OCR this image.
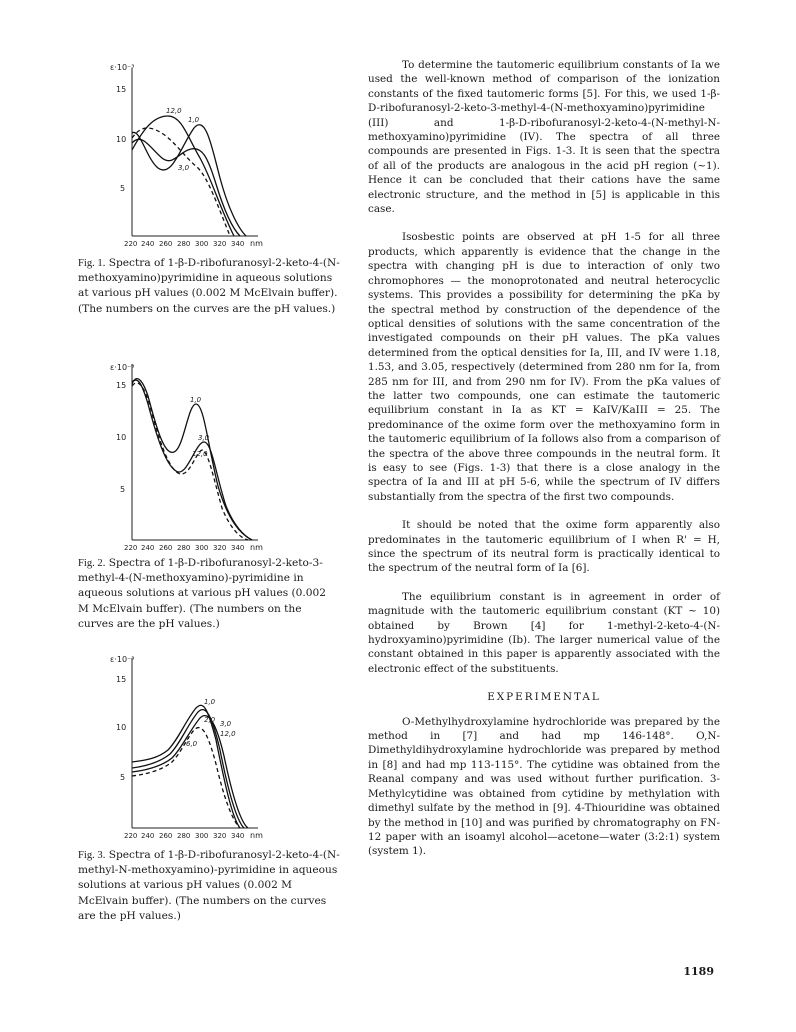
ε·10⁻³
15
10
5
220 240 260 280 300 320 340 nm
12,0
1,0
3,0
Fig. 1. Spectra of 1-β-D-ribofuranosyl-2-keto-4-(N-methoxyamino)pyrimidine in aqueous solutions at various pH values (0.002 M McElvain buffer). (The numbers on the curves are the pH values.)
ε·10⁻³
15
10
5
220 240 260 280 300 320 340 nm
1,0
3,0
12,0
Fig. 2. Spectra of 1-β-D-ribofuranosyl-2-keto-3-methyl-4-(N-methoxyamino)-pyrimidine in aqueous solutions at various pH values (0.002 M McElvain buffer). (The numbers on the curves are the pH values.)
ε·10⁻³
15
10
5
220 240 260 280 300 320 340 nm
1,0
2,0 3,0
12,0
6,0
Fig. 3. Spectra of 1-β-D-ribofuranosyl-2-keto-4-(N-methyl-N-methoxyamino)-pyrimidine in aqueous solutions at various pH values (0.002 M McElvain buffer). (The numbers on the curves are the pH values.)

To determine the tautomeric equilibrium constants of Ia we used the well-known method of comparison of the ionization constants of the fixed tautomeric forms [5]. For this, we used 1-β-D-ribofuranosyl-2-keto-3-methyl-4-(N-methoxyamino)pyrimidine (III) and 1-β-D-ribofuranosyl-2-keto-4-(N-methyl-N-methoxyamino)pyrimidine (IV). The spectra of all three compounds are presented in Figs. 1-3. It is seen that the spectra of all of the products are analogous in the acid pH region (~1). Hence it can be concluded that their cations have the same electronic structure, and the method in [5] is applicable in this case.

Isosbestic points are observed at pH 1-5 for all three products, which apparently is evidence that the change in the spectra with changing pH is due to interaction of only two chromophores — the monoprotonated and neutral heterocyclic systems. This provides a possibility for determining the pKa by the spectral method by construction of the dependence of the optical densities of solutions with the same concentration of the investigated compounds on their pH values. The pKa values determined from the optical densities for Ia, III, and IV were 1.18, 1.53, and 3.05, respectively (determined from 280 nm for Ia, from 285 nm for III, and from 290 nm for IV). From the pKa values of the latter two compounds, one can estimate the tautomeric equilibrium constant in Ia as KT = KaIV/KaIII = 25. The predominance of the oxime form over the methoxyamino form in the tautomeric equilibrium of Ia follows also from a comparison of the spectra of the above three compounds in the neutral form. It is easy to see (Figs. 1-3) that there is a close analogy in the spectra of Ia and III at pH 5-6, while the spectrum of IV differs substantially from the spectra of the first two compounds.

It should be noted that the oxime form apparently also predominates in the tautomeric equilibrium of I when R' = H, since the spectrum of its neutral form is practically identical to the spectrum of the neutral form of Ia [6].

The equilibrium constant is in agreement in order of magnitude with the tautomeric equilibrium constant (KT ~ 10) obtained by Brown [4] for 1-methyl-2-keto-4-(N-hydroxyamino)pyrimidine (Ib). The larger numerical value of the constant obtained in this paper is apparently associated with the electronic effect of the substituents.

EXPERIMENTAL

O-Methylhydroxylamine hydrochloride was prepared by the method in [7] and had mp 146-148°. O,N-Dimethyldihydroxylamine hydrochloride was prepared by method in [8] and had mp 113-115°. The cytidine was obtained from the Reanal company and was used without further purification. 3-Methylcytidine was obtained from cytidine by methylation with dimethyl sulfate by the method in [9]. 4-Thiouridine was obtained by the method in [10] and was purified by chromatography on FN-12 paper with an isoamyl alcohol—acetone—water (3:2:1) system (system 1).

1189
